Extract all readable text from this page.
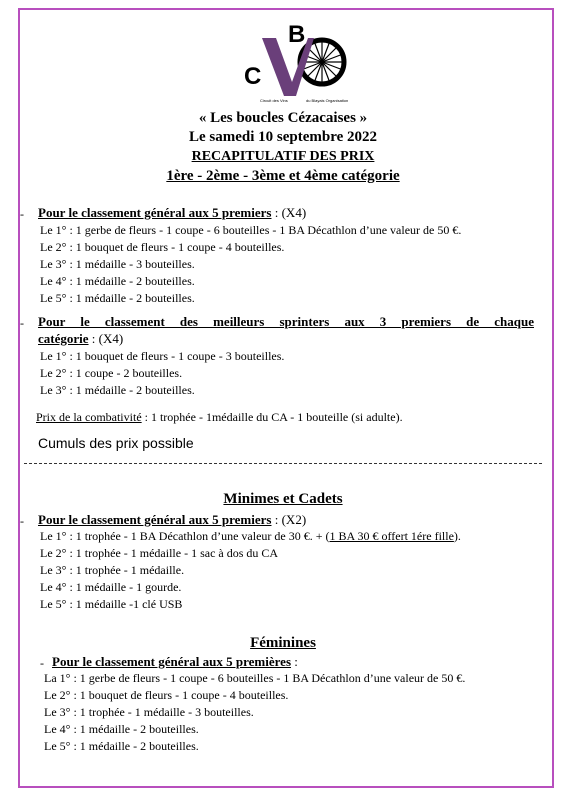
B
C
Circuit des Vins	du Blayais Organisation
« Les boucles Cézacaises »
Le samedi 10 septembre 2022
RECAPITULATIF DES PRIX
1ère - 2ème - 3ème et 4ème catégorie
- Pour le classement général aux 5 premiers : (X4)
Le 1° : 1 gerbe de fleurs - 1 coupe - 6 bouteilles - 1 BA Décathlon d’une valeur de 50 €.
Le 2° : 1 bouquet de fleurs - 1 coupe - 4 bouteilles.
Le 3° : 1 médaille - 3 bouteilles.
Le 4° : 1 médaille - 2 bouteilles.
Le 5° : 1 médaille - 2 bouteilles.
- Pour le classement des meilleurs sprinters aux 3 premiers de chaque
catégorie : (X4)
Le 1° : 1 bouquet de fleurs - 1 coupe - 3 bouteilles.
Le 2° : 1 coupe - 2 bouteilles.
Le 3° : 1 médaille - 2 bouteilles.
Prix de la combativité : 1 trophée - 1médaille du CA - 1 bouteille (si adulte).
Cumuls des prix possible
Minimes et Cadets
- Pour le classement général aux 5 premiers : (X2)
Le 1° : 1 trophée - 1 BA Décathlon d’une valeur de 30 €. + (1 BA 30 € offert 1ére fille).
Le 2° : 1 trophée - 1 médaille - 1 sac à dos du CA
Le 3° : 1 trophée - 1 médaille.
Le 4° : 1 médaille - 1 gourde.
Le 5° : 1 médaille -1 clé USB
Féminines
- Pour le classement général aux 5 premières :
La 1° : 1 gerbe de fleurs - 1 coupe - 6 bouteilles - 1 BA Décathlon d’une valeur de 50 €.
Le 2° : 1 bouquet de fleurs - 1 coupe - 4 bouteilles.
Le 3° : 1 trophée - 1 médaille - 3 bouteilles.
Le 4° : 1 médaille - 2 bouteilles.
Le 5° : 1 médaille - 2 bouteilles.
